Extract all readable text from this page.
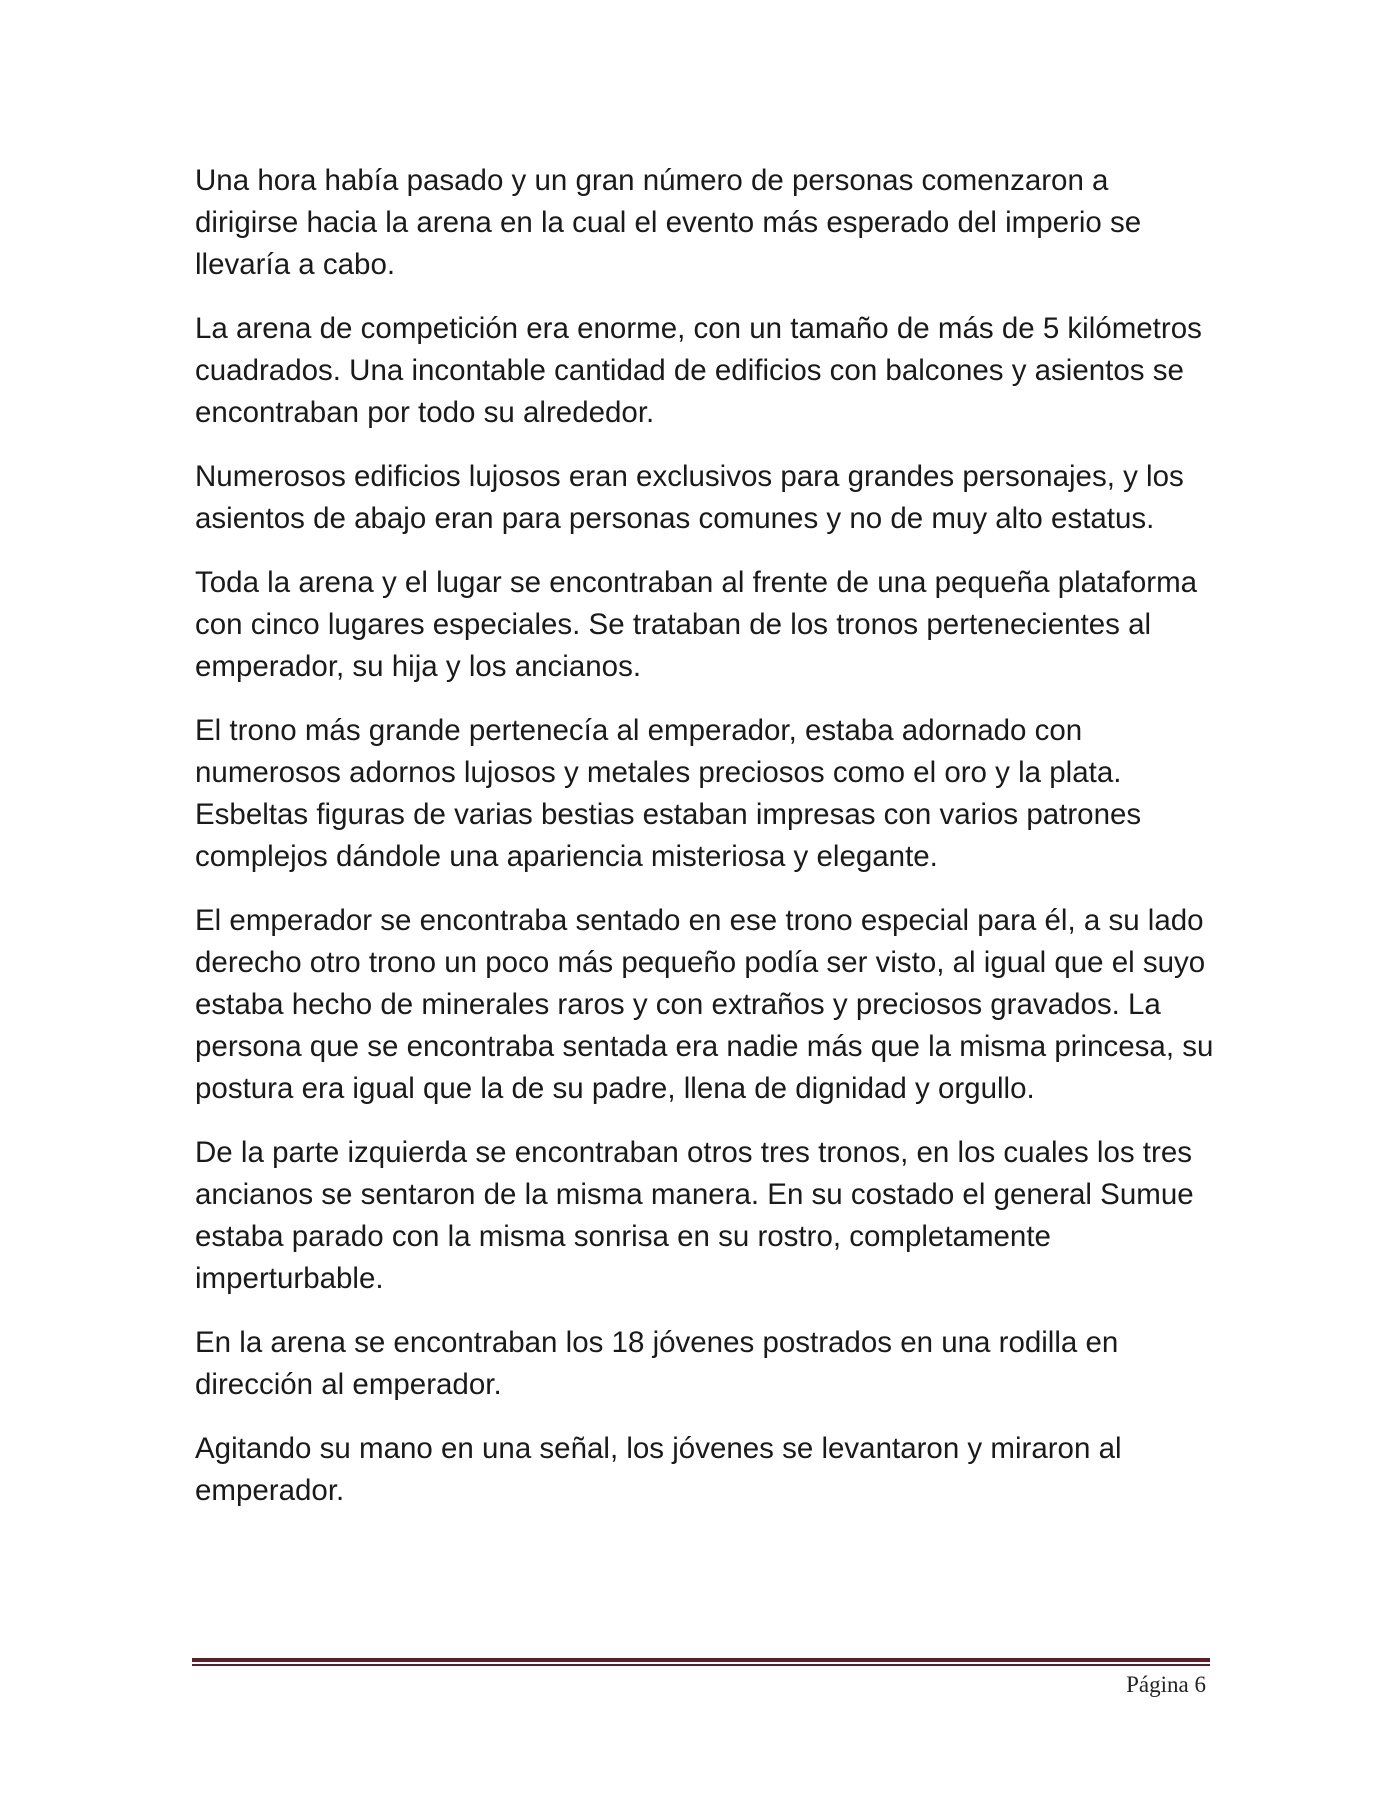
Una hora había pasado y un gran número de personas comenzaron a dirigirse hacia la arena en la cual el evento más esperado del imperio se llevaría a cabo.

La arena de competición era enorme, con un tamaño de más de 5 kilómetros cuadrados. Una incontable cantidad de edificios con balcones y asientos se encontraban por todo su alrededor.

Numerosos edificios lujosos eran exclusivos para grandes personajes, y los asientos de abajo eran para personas comunes y no de muy alto estatus.

Toda la arena y el lugar se encontraban al frente de una pequeña plataforma con cinco lugares especiales. Se trataban de los tronos pertenecientes al emperador, su hija y los ancianos.

El trono más grande pertenecía al emperador, estaba adornado con numerosos adornos lujosos y metales preciosos como el oro y la plata. Esbeltas figuras de varias bestias estaban impresas con varios patrones complejos dándole una apariencia misteriosa y elegante.

El emperador se encontraba sentado en ese trono especial para él, a su lado derecho otro trono un poco más pequeño podía ser visto, al igual que el suyo estaba hecho de minerales raros y con extraños y preciosos gravados. La persona que se encontraba sentada era nadie más que la misma princesa, su postura era igual que la de su padre, llena de dignidad y orgullo.

De la parte izquierda se encontraban otros tres tronos, en los cuales los tres ancianos se sentaron de la misma manera. En su costado el general Sumue estaba parado con la misma sonrisa en su rostro, completamente imperturbable.

En la arena se encontraban los 18 jóvenes postrados en una rodilla en dirección al emperador.

Agitando su mano en una señal, los jóvenes se levantaron y miraron al emperador.

Página 6
